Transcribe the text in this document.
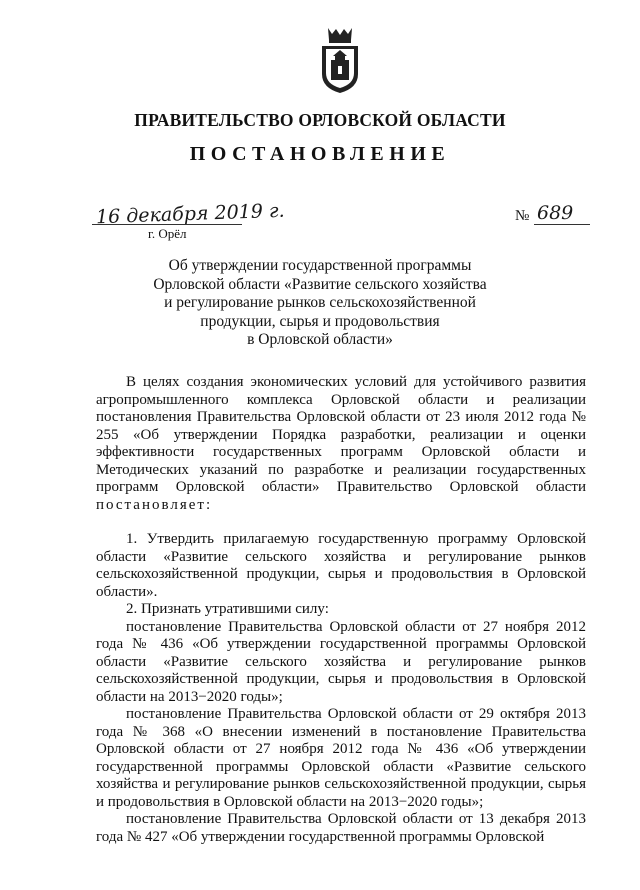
ПРАВИТЕЛЬСТВО ОРЛОВСКОЙ ОБЛАСТИ
ПОСТАНОВЛЕНИЕ
16 декабря 2019 г.
г. Орёл
№ 689
Об утверждении государственной программы
Орловской области «Развитие сельского хозяйства
и регулирование рынков сельскохозяйственной
продукции, сырья и продовольствия
в Орловской области»

В целях создания экономических условий для устойчивого развития агропромышленного комплекса Орловской области и реализации постановления Правительства Орловской области от 23 июля 2012 года № 255 «Об утверждении Порядка разработки, реализации и оценки эффективности государственных программ Орловской области и Методических указаний по разработке и реализации государственных программ Орловской области» Правительство Орловской области постановляет:

1. Утвердить прилагаемую государственную программу Орловской области «Развитие сельского хозяйства и регулирование рынков сельскохозяйственной продукции, сырья и продовольствия в Орловской области».

2. Признать утратившими силу:

постановление Правительства Орловской области от 27 ноября 2012 года № 436 «Об утверждении государственной программы Орловской области «Развитие сельского хозяйства и регулирование рынков сельскохозяйственной продукции, сырья и продовольствия в Орловской области на 2013−2020 годы»;

постановление Правительства Орловской области от 29 октября 2013 года № 368 «О внесении изменений в постановление Правительства Орловской области от 27 ноября 2012 года № 436 «Об утверждении государственной программы Орловской области «Развитие сельского хозяйства и регулирование рынков сельскохозяйственной продукции, сырья и продовольствия в Орловской области на 2013−2020 годы»;

постановление Правительства Орловской области от 13 декабря 2013 года № 427 «Об утверждении государственной программы Орловской
